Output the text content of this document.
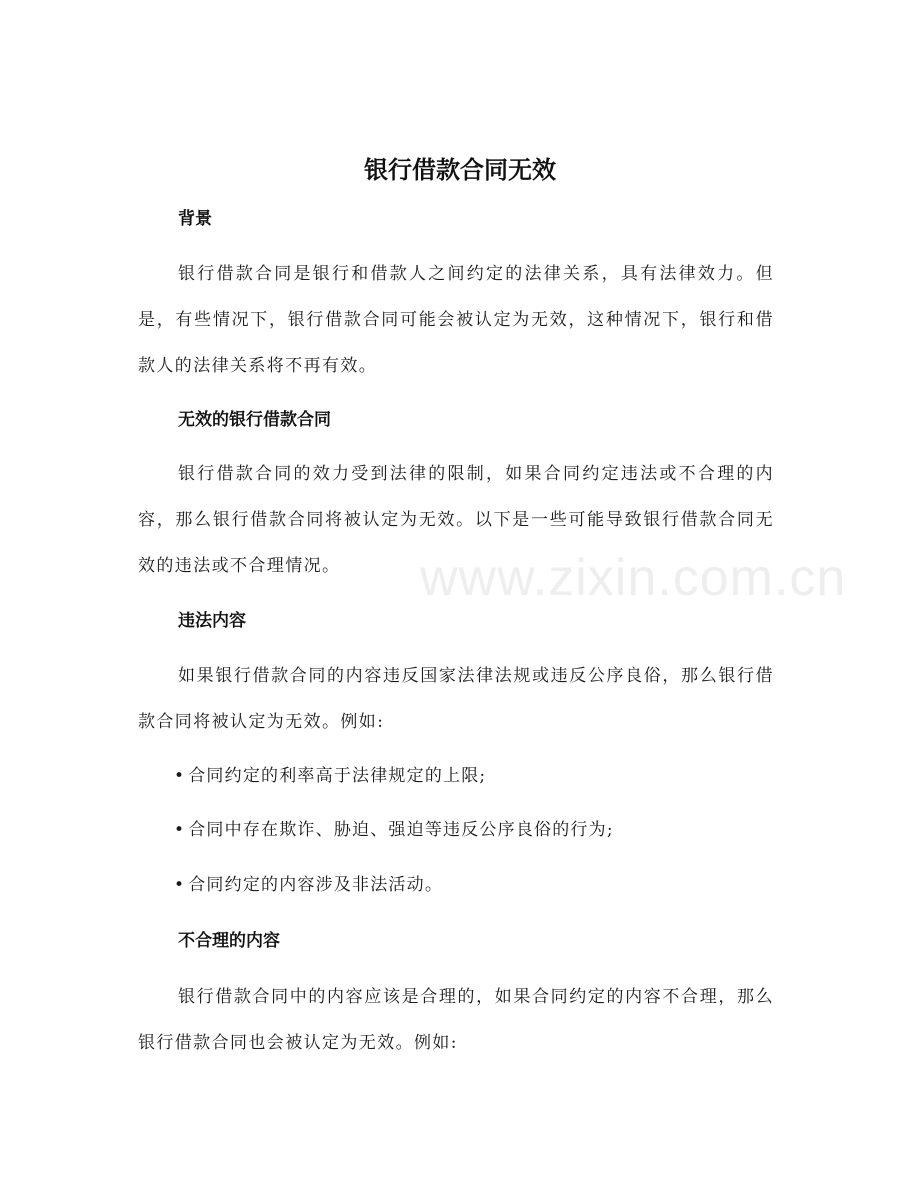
www.zixin.com.cn
银行借款合同无效
背景
银行借款合同是银行和借款人之间约定的法律关系，具有法律效力。但是，有些情况下，银行借款合同可能会被认定为无效，这种情况下，银行和借款人的法律关系将不再有效。
无效的银行借款合同
银行借款合同的效力受到法律的限制，如果合同约定违法或不合理的内容，那么银行借款合同将被认定为无效。以下是一些可能导致银行借款合同无效的违法或不合理情况。
违法内容
如果银行借款合同的内容违反国家法律法规或违反公序良俗，那么银行借款合同将被认定为无效。例如:
• 合同约定的利率高于法律规定的上限;
• 合同中存在欺诈、胁迫、强迫等违反公序良俗的行为;
• 合同约定的内容涉及非法活动。
不合理的内容
银行借款合同中的内容应该是合理的，如果合同约定的内容不合理，那么银行借款合同也会被认定为无效。例如:
